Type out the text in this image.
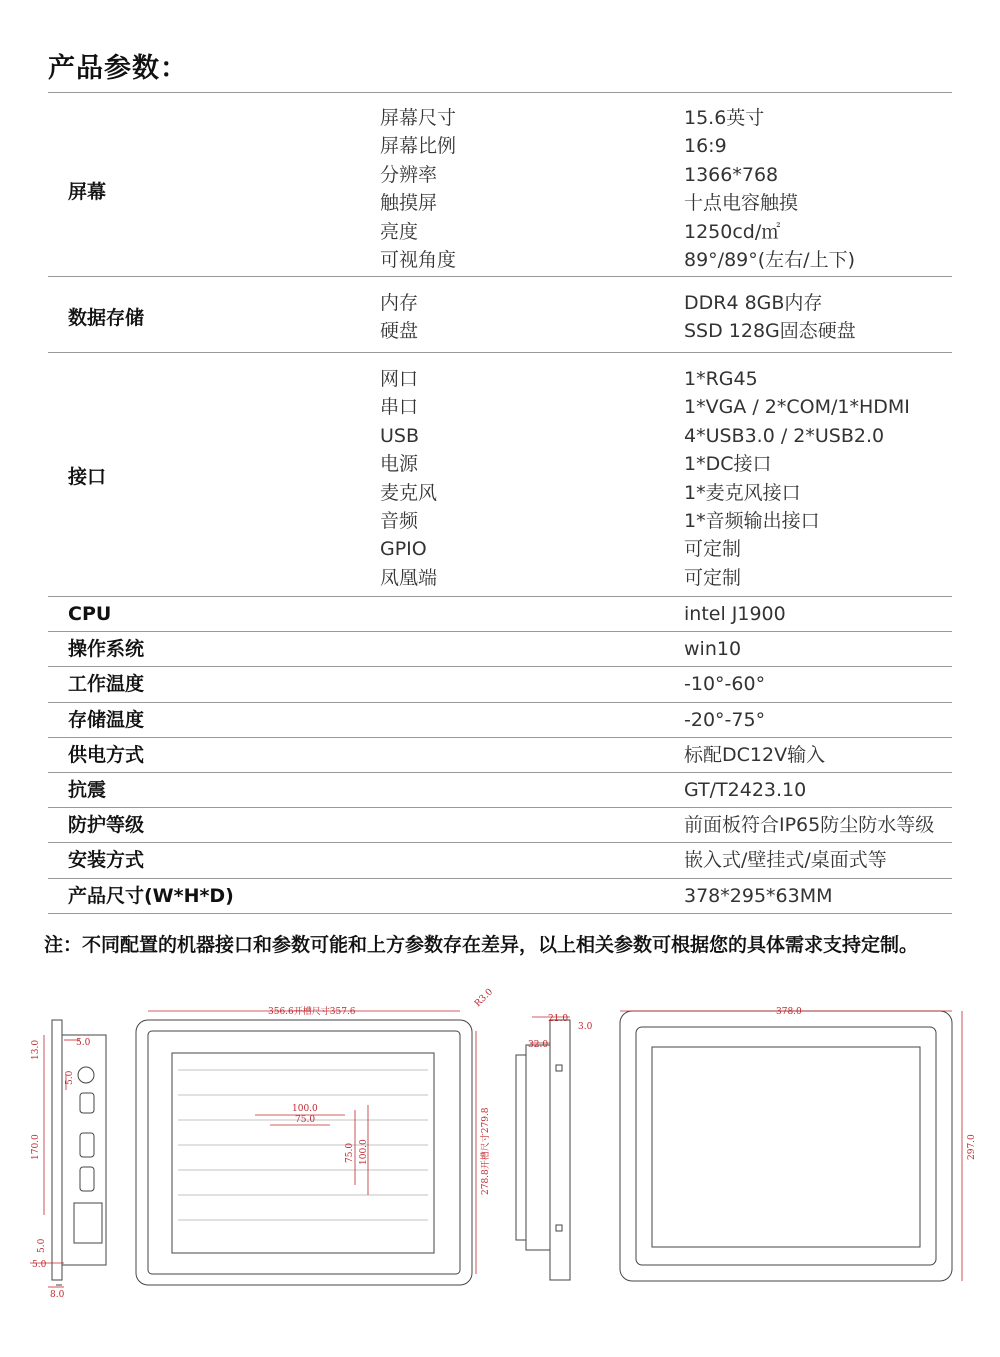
产品参数：
屏幕
屏幕尺寸	15.6英寸
屏幕比例	16:9
分辨率	1366*768
触摸屏	十点电容触摸
亮度	1250cd/㎡
可视角度	89°/89°(左右/上下)
数据存储
内存	DDR4 8GB内存
硬盘	SSD 128G固态硬盘
接口
网口	1*RG45
串口	1*VGA / 2*COM/1*HDMI
USB	4*USB3.0 / 2*USB2.0
电源	1*DC接口
麦克风	1*麦克风接口
音频	1*音频输出接口
GPIO	可定制
凤凰端	可定制
CPU	intel J1900
操作系统	win10
工作温度	-10°-60°
存储温度	-20°-75°
供电方式	标配DC12V输入
抗震	GT/T2423.10
防护等级	前面板符合IP65防尘防水等级
安装方式	嵌入式/壁挂式/桌面式等
产品尺寸(W*H*D)	378*295*63MM
注：不同配置的机器接口和参数可能和上方参数存在差异，以上相关参数可根据您的具体需求支持定制。
5.0
13.0
5.0
170.0
5.0
5.0
8.0
356.6开槽尺寸357.6
R3.0
100.0
75.0
75.0 100.0	278.8开槽尺寸279.8
21.0
3.0
32.0
378.0
297.0
